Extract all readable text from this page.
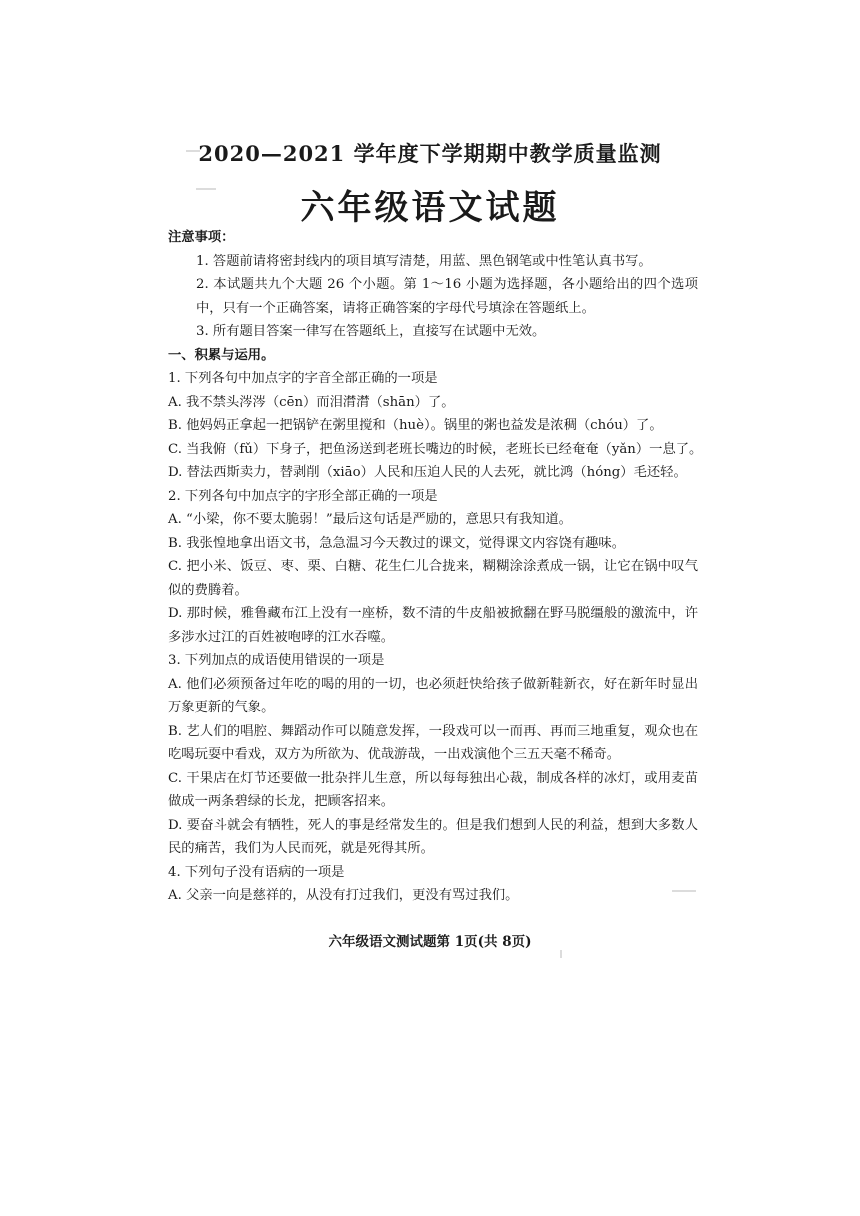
2020—2021 学年度下学期期中教学质量监测
六年级语文试题

注意事项：

1. 答题前请将密封线内的项目填写清楚，用蓝、黑色钢笔或中性笔认真书写。

2. 本试题共九个大题 26 个小题。第 1～16 小题为选择题，各小题给出的四个选项中，只有一个正确答案，请将正确答案的字母代号填涂在答题纸上。

3. 所有题目答案一律写在答题纸上，直接写在试题中无效。

一、积累与运用。

1. 下列各句中加点字的字音全部正确的一项是

A. 我不禁头涔涔（cēn）而泪潸潸（shān）了。

B. 他妈妈正拿起一把锅铲在粥里搅和（huè）。锅里的粥也益发是浓稠（chóu）了。

C. 当我俯（fǔ）下身子，把鱼汤送到老班长嘴边的时候，老班长已经奄奄（yǎn）一息了。

D. 替法西斯卖力，替剥削（xiāo）人民和压迫人民的人去死，就比鸿（hóng）毛还轻。

2. 下列各句中加点字的字形全部正确的一项是

A. “小梁，你不要太脆弱！”最后这句话是严励的，意思只有我知道。

B. 我张惶地拿出语文书，急急温习今天教过的课文，觉得课文内容饶有趣味。

C. 把小米、饭豆、枣、栗、白糖、花生仁儿合拢来，糊糊涂涂煮成一锅，让它在锅中叹气似的费腾着。

D. 那时候，雅鲁藏布江上没有一座桥，数不清的牛皮船被掀翻在野马脱缰般的激流中，许多涉水过江的百姓被咆哮的江水吞噬。

3. 下列加点的成语使用错误的一项是

A. 他们必须预备过年吃的喝的用的一切，也必须赶快给孩子做新鞋新衣，好在新年时显出万象更新的气象。

B. 艺人们的唱腔、舞蹈动作可以随意发挥，一段戏可以一而再、再而三地重复，观众也在吃喝玩耍中看戏，双方为所欲为、优哉游哉，一出戏演他个三五天毫不稀奇。

C. 干果店在灯节还要做一批杂拌儿生意，所以每每独出心裁，制成各样的冰灯，或用麦苗做成一两条碧绿的长龙，把顾客招来。

D. 要奋斗就会有牺牲，死人的事是经常发生的。但是我们想到人民的利益，想到大多数人民的痛苦，我们为人民而死，就是死得其所。

4. 下列句子没有语病的一项是

A. 父亲一向是慈祥的，从没有打过我们，更没有骂过我们。

六年级语文测试题第 1页(共 8页)
